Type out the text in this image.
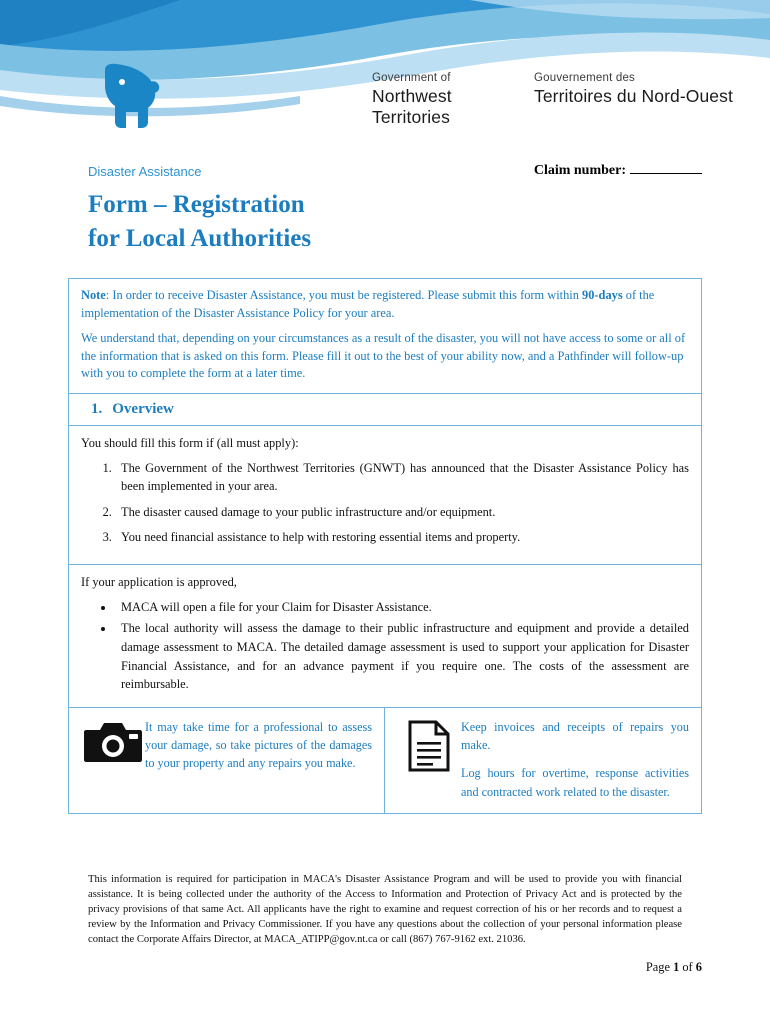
Government of	Gouvernement des
Northwest Territories
Territoires du Nord-Ouest
Disaster Assistance	Claim number:
Form – Registration
for Local Authorities

Note: In order to receive Disaster Assistance, you must be registered. Please submit this form within 90-days of the implementation of the Disaster Assistance Policy for your area.

We understand that, depending on your circumstances as a result of the disaster, you will not have access to some or all of the information that is asked on this form. Please fill it out to the best of your ability now, and a Pathfinder will follow-up with you to complete the form at a later time.

1. Overview

You should fill this form if (all must apply):

1. The Government of the Northwest Territories (GNWT) has announced that the Disaster Assistance Policy has been implemented in your area.
2. The disaster caused damage to your public infrastructure and/or equipment.
3. You need financial assistance to help with restoring essential items and property.

If your application is approved,

• MACA will open a file for your Claim for Disaster Assistance.
• The local authority will assess the damage to their public infrastructure and equipment and provide a detailed damage assessment to MACA. The detailed damage assessment is used to support your application for Disaster Financial Assistance, and for an advance payment if you require one. The costs of the assessment are reimbursable.

It may take time for a professional to assess your damage, so take pictures of the damages to your property and any repairs you make.

Keep invoices and receipts of repairs you make.

Log hours for overtime, response activities and contracted work related to the disaster.

This information is required for participation in MACA's Disaster Assistance Program and will be used to provide you with financial assistance. It is being collected under the authority of the Access to Information and Protection of Privacy Act and is protected by the privacy provisions of that same Act. All applicants have the right to examine and request correction of his or her records and to request a review by the Information and Privacy Commissioner. If you have any questions about the collection of your personal information please contact the Corporate Affairs Director, at MACA_ATIPP@gov.nt.ca or call (867) 767-9162 ext. 21036.
Page 1 of 6
